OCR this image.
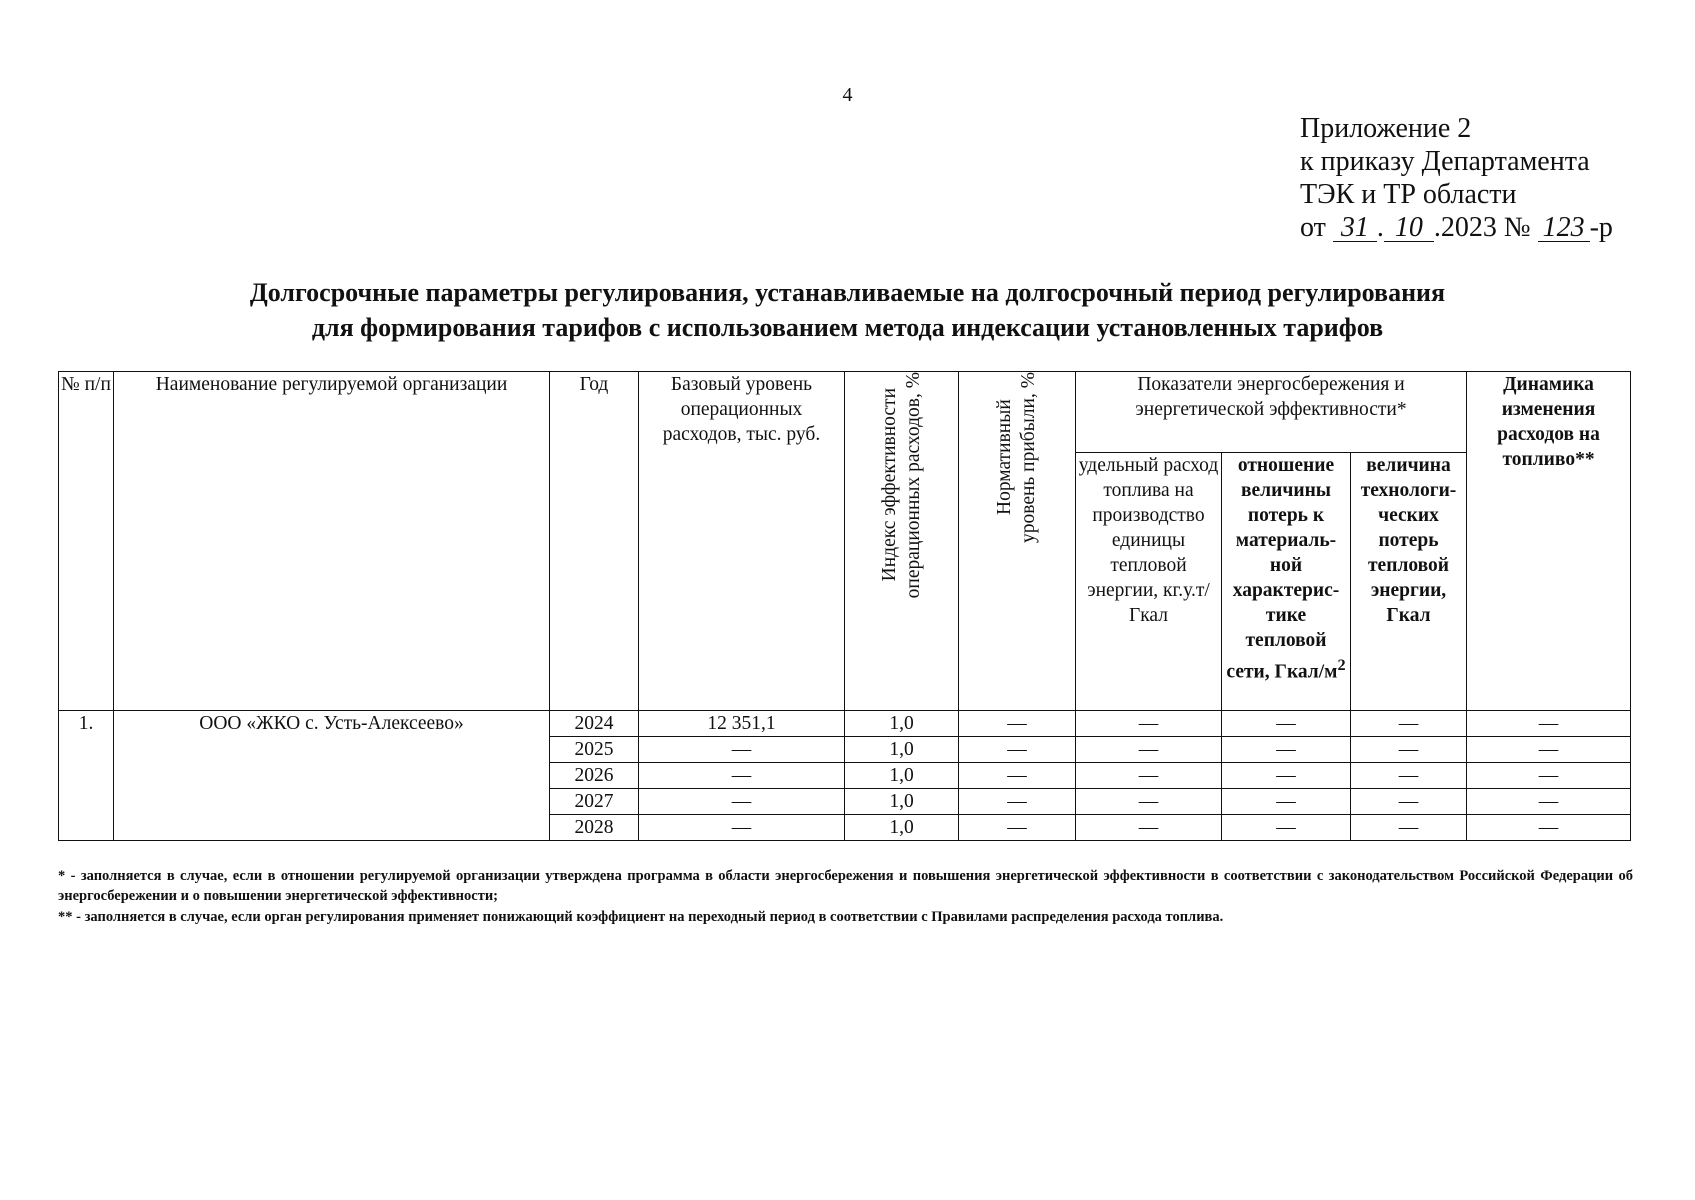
4
Приложение 2
к приказу Департамента
ТЭК и ТР области
от 31 . 10 .2023 № 123 -р
Долгосрочные параметры регулирования, устанавливаемые на долгосрочный период регулирования
для формирования тарифов с использованием метода индексации установленных тарифов
№ п/п	Наименование регулируемой организации	Год	Базовый уровень операционных расходов, тыс. руб.	Индекс эффективности
операционных расходов, %	Нормативный
уровень прибыли, %	Показатели энергосбережения и энергетической эффективности*			Динамика изменения расходов на топливо**
						удельный расход топлива на производство единицы тепловой энергии, кг.у.т/Гкал	отношение величины потерь к материаль-ной характерис-тике тепловой сети, Гкал/$м^2$	величина технологи-ческих потерь тепловой энергии, Гкал	
1.	ООО «ЖКО с. Усть-Алексеево»	2024	12 351,1	1,0	—	—	—	—	—
		2025	—	1,0	—	—	—	—	—
		2026	—	1,0	—	—	—	—	—
		2027	—	1,0	—	—	—	—	—
		2028	—	1,0	—	—	—	—	—

* - заполняется в случае, если в отношении регулируемой организации утверждена программа в области энергосбережения и повышения энергетической эффективности в соответствии с законодательством Российской Федерации об энергосбережении и о повышении энергетической эффективности;

** - заполняется в случае, если орган регулирования применяет понижающий коэффициент на переходный период в соответствии с Правилами распределения расхода топлива.
